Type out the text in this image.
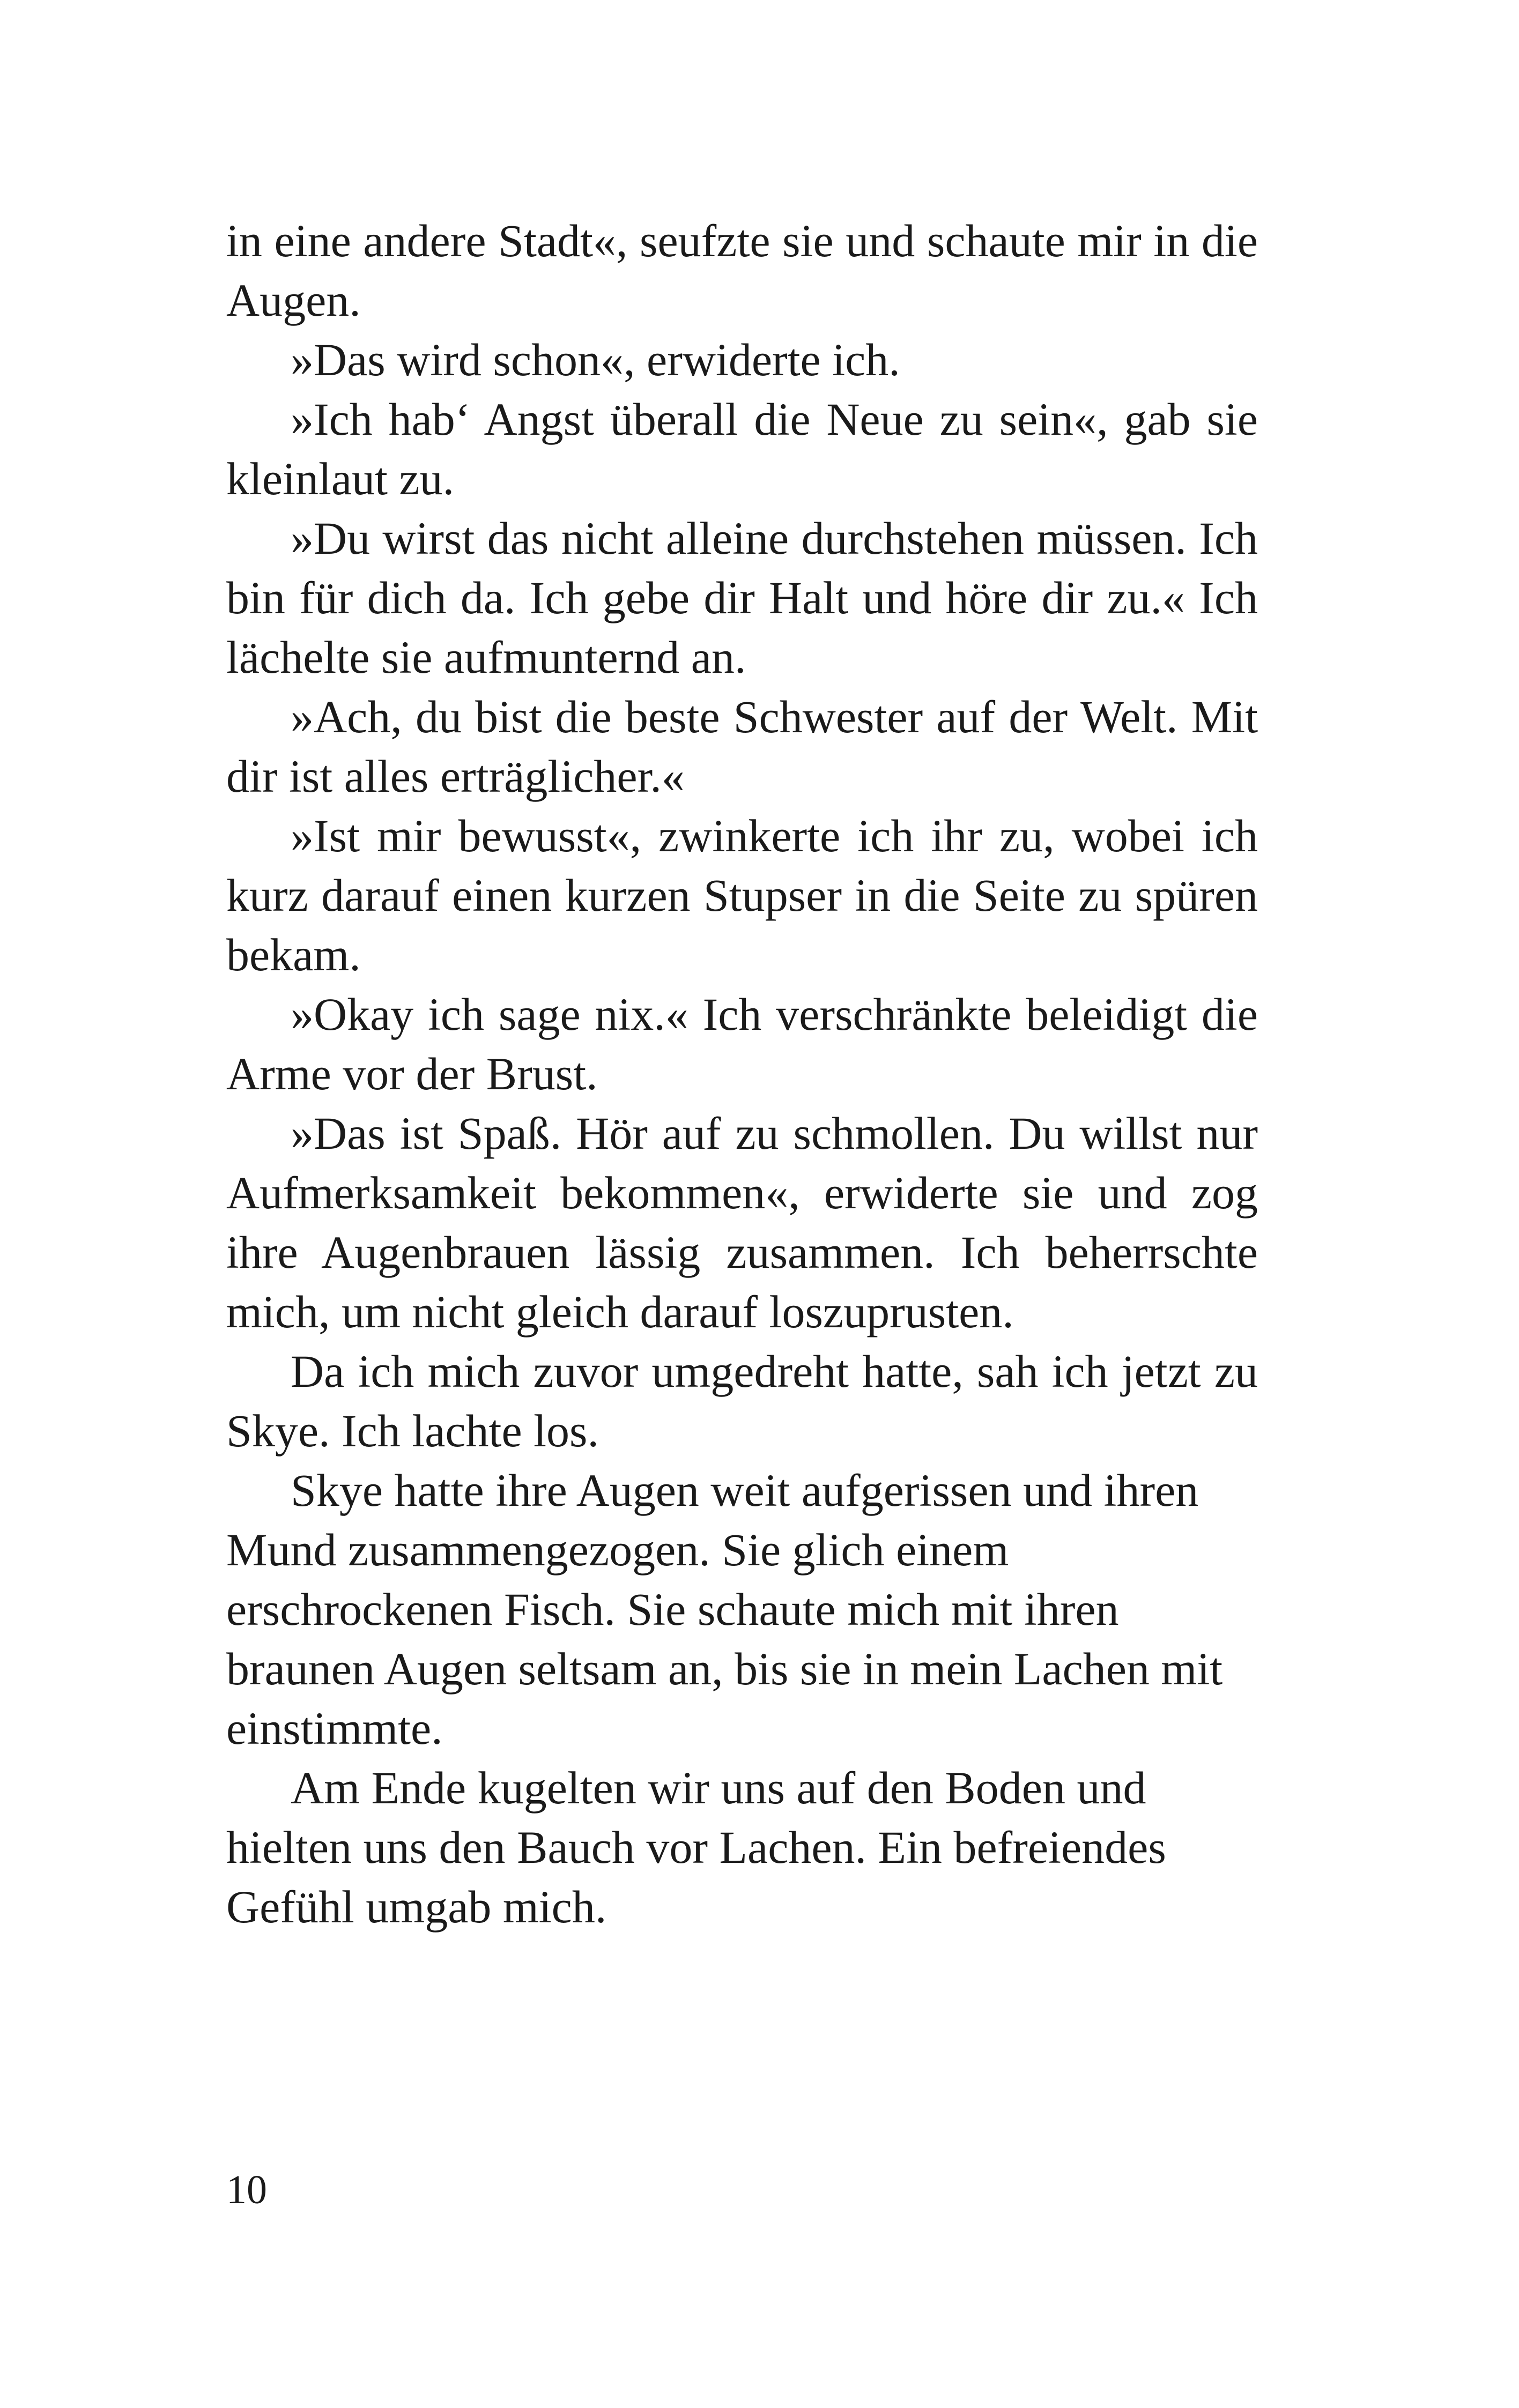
in eine andere Stadt«, seufzte sie und schaute mir in die Augen.

»Das wird schon«, erwiderte ich.

»Ich hab‘ Angst überall die Neue zu sein«, gab sie kleinlaut zu.

»Du wirst das nicht alleine durchstehen müssen. Ich bin für dich da. Ich gebe dir Halt und höre dir zu.« Ich lächelte sie aufmunternd an.

»Ach, du bist die beste Schwester auf der Welt. Mit dir ist alles erträglicher.«

»Ist mir bewusst«, zwinkerte ich ihr zu, wobei ich kurz darauf einen kurzen Stupser in die Seite zu spüren bekam.

»Okay ich sage nix.« Ich verschränkte beleidigt die Arme vor der Brust.

»Das ist Spaß. Hör auf zu schmollen. Du willst nur Aufmerksamkeit bekommen«, erwiderte sie und zog ihre Augenbrauen lässig zusammen. Ich beherrschte mich, um nicht gleich darauf loszuprusten.

Da ich mich zuvor umgedreht hatte, sah ich jetzt zu Skye. Ich lachte los.

Skye hatte ihre Augen weit aufgerissen und ihren Mund zusammengezogen. Sie glich einem erschrockenen Fisch. Sie schaute mich mit ihren braunen Augen seltsam an, bis sie in mein Lachen mit einstimmte.

Am Ende kugelten wir uns auf den Boden und hielten uns den Bauch vor Lachen. Ein befreiendes Gefühl umgab mich.

10
